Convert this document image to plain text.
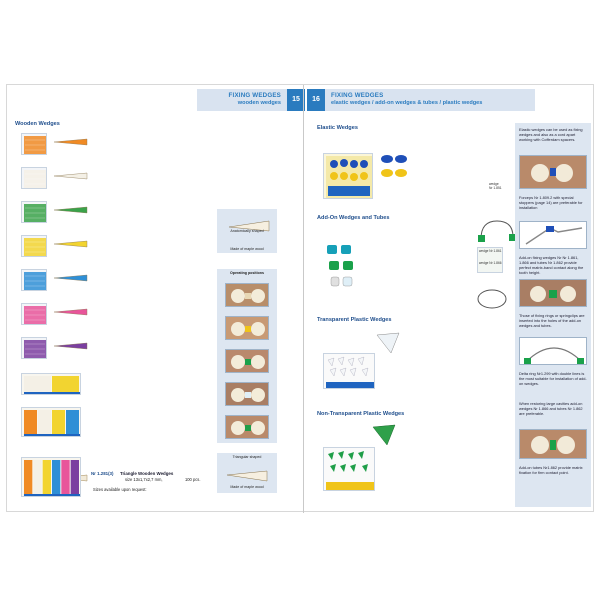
FIXING WEDGES
wooden wedges	15	16
FIXING WEDGES
elastic wedges / add-on wedges & tubes / plastic wedges
Wooden Wedges
Nr 1.281(3) Triangle Wooden Wedges
size 13x1,7x2,7 mm,	100 pcs.
Sizes available upon request:
Anatomically shaped
Made of maple wood
Operating positions
Triangular shaped
Made of maple wood
Elastic Wedges
Add-On Wedges and Tubes
wedge Nr 1.861
wedge Nr 1.866
Transparent Plastic Wedges
Non-Transparent Plastic Wedges
Elastic wedges can be used as fixing wedges and also as a cord apart working with Cofferdam spacers.
Forceps Nr 1.809.2 with special stoppers (page 14) are preferable for installation
Add-on fixing wedges Nr Nr 1.861, 1.866 and tubes Nr 1.862 provide perfect matrix-band contact along the tooth height.
Those of fixing rings or springclips are inserted into the holes of the add-on wedges and tubes.
Delta ring Nr1.299 with double lines is the most suitable for installation of add-on wedges.
When restoring large cavities add-on wedges Nr 1.866 and tubes Nr 1.862 are preferable.
Add-on tubes Nr1.862 provide matrix fixation for firm contact point.
wedge
Nr 1.851
